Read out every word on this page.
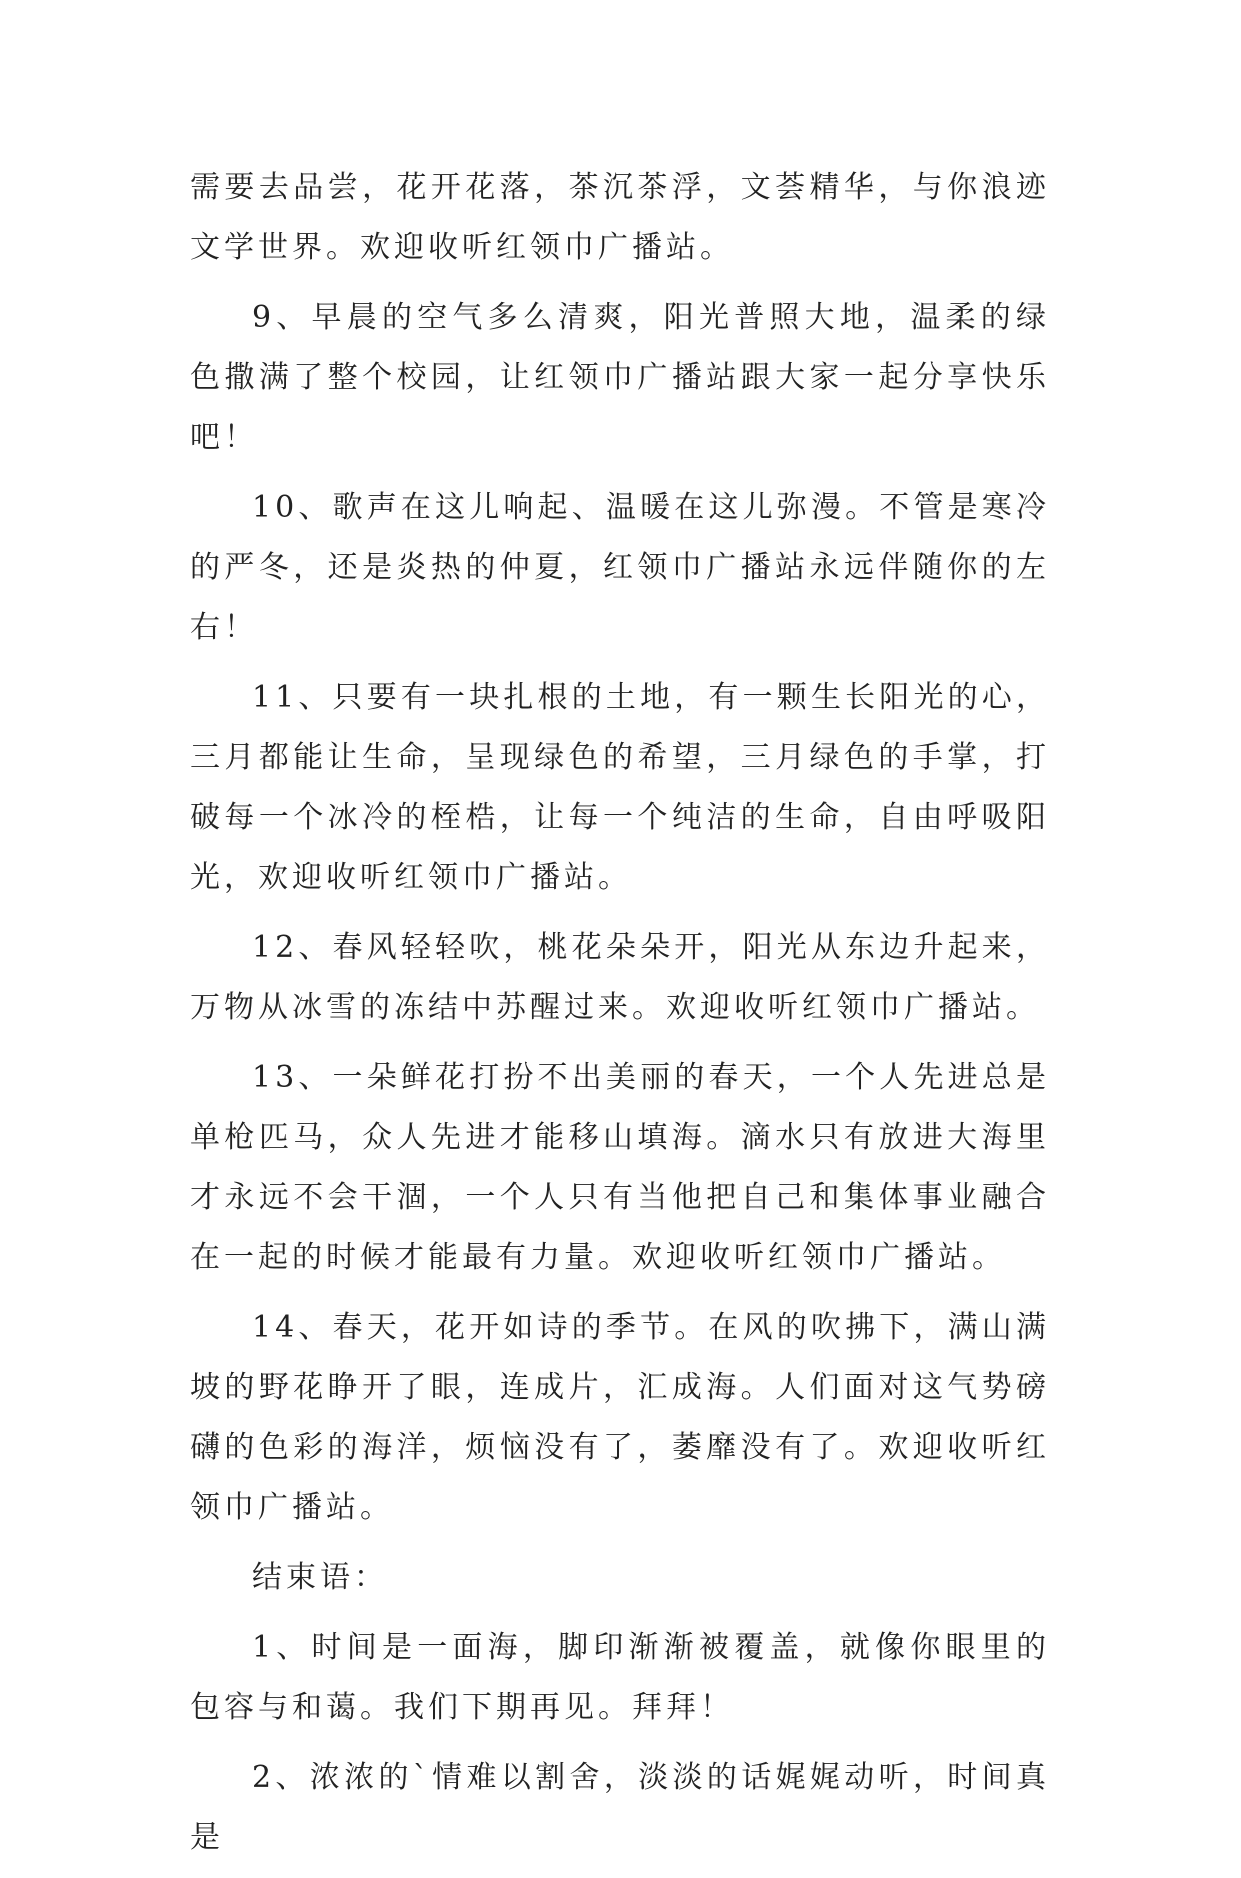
需要去品尝，花开花落，茶沉茶浮，文荟精华，与你浪迹文学世界。欢迎收听红领巾广播站。

9、早晨的空气多么清爽，阳光普照大地，温柔的绿色撒满了整个校园，让红领巾广播站跟大家一起分享快乐吧！

10、歌声在这儿响起、温暖在这儿弥漫。不管是寒冷的严冬，还是炎热的仲夏，红领巾广播站永远伴随你的左右！

11、只要有一块扎根的土地，有一颗生长阳光的心，三月都能让生命，呈现绿色的希望，三月绿色的手掌，打破每一个冰冷的桎梏，让每一个纯洁的生命，自由呼吸阳光，欢迎收听红领巾广播站。

12、春风轻轻吹，桃花朵朵开，阳光从东边升起来，万物从冰雪的冻结中苏醒过来。欢迎收听红领巾广播站。

13、一朵鲜花打扮不出美丽的春天，一个人先进总是单枪匹马，众人先进才能移山填海。滴水只有放进大海里才永远不会干涸，一个人只有当他把自己和集体事业融合在一起的时候才能最有力量。欢迎收听红领巾广播站。

14、春天，花开如诗的季节。在风的吹拂下，满山满坡的野花睁开了眼，连成片，汇成海。人们面对这气势磅礴的色彩的海洋，烦恼没有了，萎靡没有了。欢迎收听红领巾广播站。

结束语：

1、时间是一面海，脚印渐渐被覆盖，就像你眼里的包容与和蔼。我们下期再见。拜拜！

2、浓浓的`情难以割舍，淡淡的话娓娓动听，时间真是
